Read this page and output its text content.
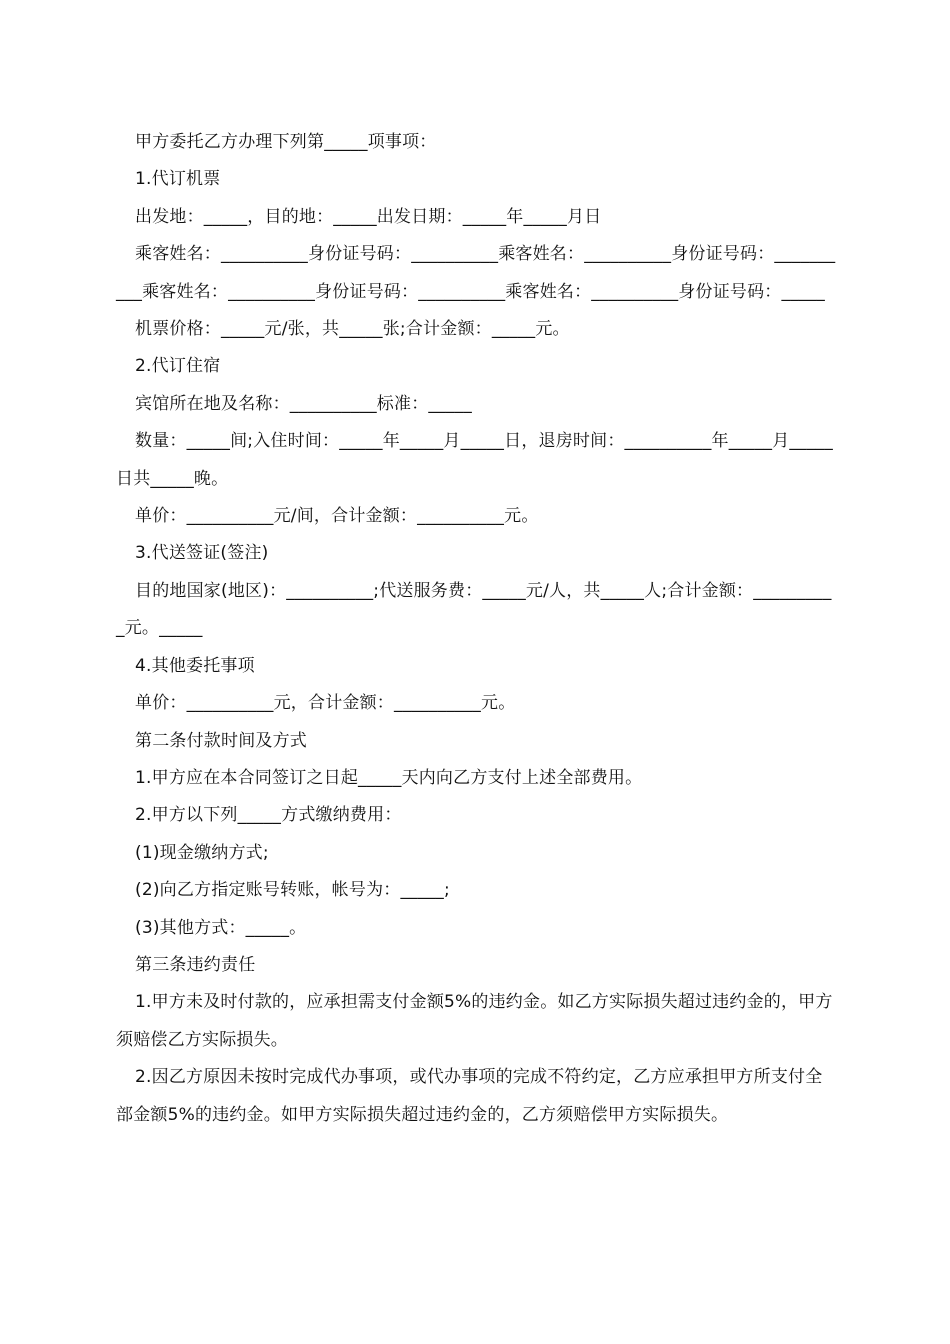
甲方委托乙方办理下列第_____项事项：

1.代订机票

出发地：_____，目的地：_____出发日期：_____年_____月日

乘客姓名：__________身份证号码：__________乘客姓名：__________身份证号码：__________乘客姓名：__________身份证号码：__________乘客姓名：__________身份证号码：_____

机票价格：_____元/张，共_____张;合计金额：_____元。

2.代订住宿

宾馆所在地及名称：__________标准：_____

数量：_____间;入住时间：_____年_____月_____日，退房时间：__________年_____月_____日共_____晚。

单价：__________元/间，合计金额：__________元。

3.代送签证(签注)

目的地国家(地区)：__________;代送服务费：_____元/人，共_____人;合计金额：__________元。_____

4.其他委托事项

单价：__________元，合计金额：__________元。

第二条付款时间及方式

1.甲方应在本合同签订之日起_____天内向乙方支付上述全部费用。

2.甲方以下列_____方式缴纳费用：

(1)现金缴纳方式;

(2)向乙方指定账号转账，帐号为：_____;

(3)其他方式：_____。

第三条违约责任

1.甲方未及时付款的，应承担需支付金额5%的违约金。如乙方实际损失超过违约金的，甲方须赔偿乙方实际损失。

2.因乙方原因未按时完成代办事项，或代办事项的完成不符约定，乙方应承担甲方所支付全部金额5%的违约金。如甲方实际损失超过违约金的，乙方须赔偿甲方实际损失。
